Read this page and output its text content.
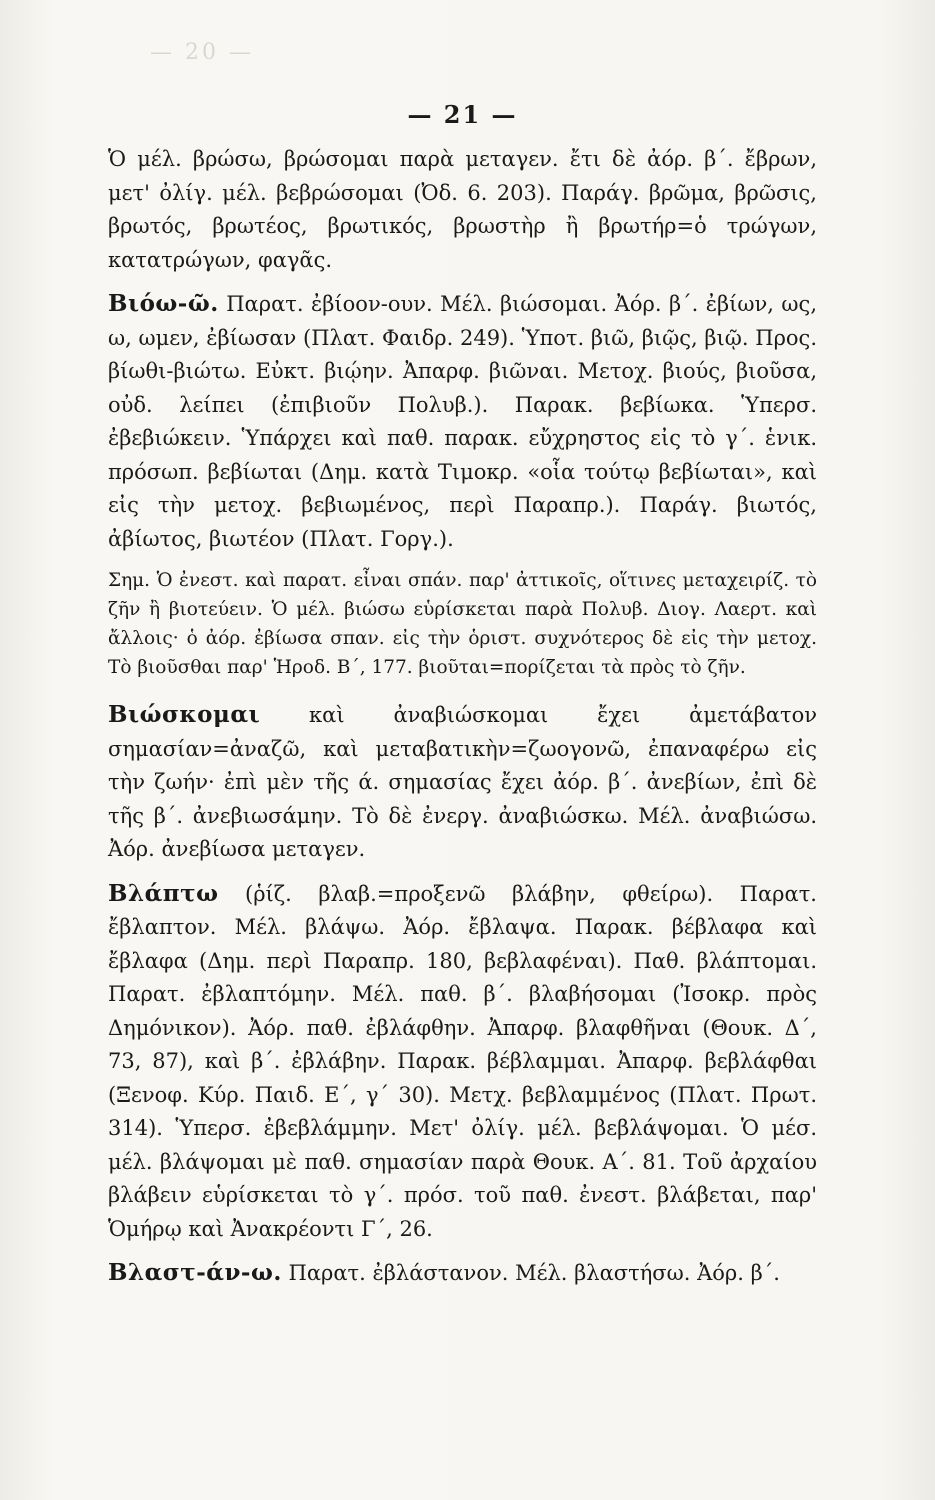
— 20 —
— 21 —

Ὁ μέλ. βρώσω, βρώσομαι παρὰ μεταγεν. ἔτι δὲ ἀόρ. β΄. ἔβρων, μετ' ὀλίγ. μέλ. βεβρώσομαι (Ὀδ. 6. 203). Παράγ. βρῶμα, βρῶσις, βρωτός, βρωτέος, βρωτικός, βρωστὴρ ἢ βρωτήρ=ὁ τρώγων, κατατρώγων, φαγᾶς.

Βιόω-ῶ. Παρατ. ἐβίοον-ουν. Μέλ. βιώσομαι. Ἀόρ. β΄. ἐβίων, ως, ω, ωμεν, ἐβίωσαν (Πλατ. Φαιδρ. 249). Ὑποτ. βιῶ, βιῷς, βιῷ. Προς. βίωθι-βιώτω. Εὐκτ. βιῴην. Ἀπαρφ. βιῶναι. Μετοχ. βιούς, βιοῦσα, οὐδ. λείπει (ἐπιβιοῦν Πολυβ.). Παρακ. βεβίωκα. Ὑπερσ. ἐβεβιώκειν. Ὑπάρχει καὶ παθ. παρακ. εὔχρηστος εἰς τὸ γ΄. ἑνικ. πρόσωπ. βεβίωται (Δημ. κατὰ Τιμοκρ. «οἷα τούτῳ βεβίωται», καὶ εἰς τὴν μετοχ. βεβιωμένος, περὶ Παραπρ.). Παράγ. βιωτός, ἀβίωτος, βιωτέον (Πλατ. Γοργ.).

Σημ. Ὁ ἐνεστ. καὶ παρατ. εἶναι σπάν. παρ' ἀττικοῖς, οἵτινες μεταχειρίζ. τὸ ζῆν ἢ βιοτεύειν. Ὁ μέλ. βιώσω εὑρίσκεται παρὰ Πολυβ. Διογ. Λαερτ. καὶ ἄλλοις· ὁ ἀόρ. ἐβίωσα σπαν. εἰς τὴν ὁριστ. συχνότερος δὲ εἰς τὴν μετοχ. Τὸ βιοῦσθαι παρ' Ἡροδ. Β΄, 177. βιοῦται=πορίζεται τὰ πρὸς τὸ ζῆν.

Βιώσκομαι καὶ ἀναβιώσκομαι ἔχει ἀμετάβατον σημασίαν=ἀναζῶ, καὶ μεταβατικὴν=ζωογονῶ, ἐπαναφέρω εἰς τὴν ζωήν· ἐπὶ μὲν τῆς ά. σημασίας ἔχει ἀόρ. β΄. ἀνεβίων, ἐπὶ δὲ τῆς β΄. ἀνεβιωσάμην. Τὸ δὲ ἐνεργ. ἀναβιώσκω. Μέλ. ἀναβιώσω. Ἀόρ. ἀνεβίωσα μεταγεν.

Βλάπτω (ῥίζ. βλαβ.=προξενῶ βλάβην, φθείρω). Παρατ. ἔβλαπτον. Μέλ. βλάψω. Ἀόρ. ἔβλαψα. Παρακ. βέβλαφα καὶ ἔβλαφα (Δημ. περὶ Παραπρ. 180, βεβλαφέναι). Παθ. βλάπτομαι. Παρατ. ἐβλαπτόμην. Μέλ. παθ. β΄. βλαβήσομαι (Ἰσοκρ. πρὸς Δημόνικον). Ἀόρ. παθ. ἐβλάφθην. Ἀπαρφ. βλαφθῆναι (Θουκ. Δ΄, 73, 87), καὶ β΄. ἐβλάβην. Παρακ. βέβλαμμαι. Ἀπαρφ. βεβλάφθαι (Ξενοφ. Κύρ. Παιδ. Ε΄, γ΄ 30). Μετχ. βεβλαμμένος (Πλατ. Πρωτ. 314). Ὑπερσ. ἐβεβλάμμην. Μετ' ὀλίγ. μέλ. βεβλάψομαι. Ὁ μέσ. μέλ. βλάψομαι μὲ παθ. σημασίαν παρὰ Θουκ. Α΄. 81. Τοῦ ἀρχαίου βλάβειν εὑρίσκεται τὸ γ΄. πρόσ. τοῦ παθ. ἐνεστ. βλάβεται, παρ' Ὁμήρῳ καὶ Ἀνακρέοντι Γ΄, 26.

Βλαστ-άν-ω. Παρατ. ἐβλάστανον. Μέλ. βλαστήσω. Ἀόρ. β΄.
